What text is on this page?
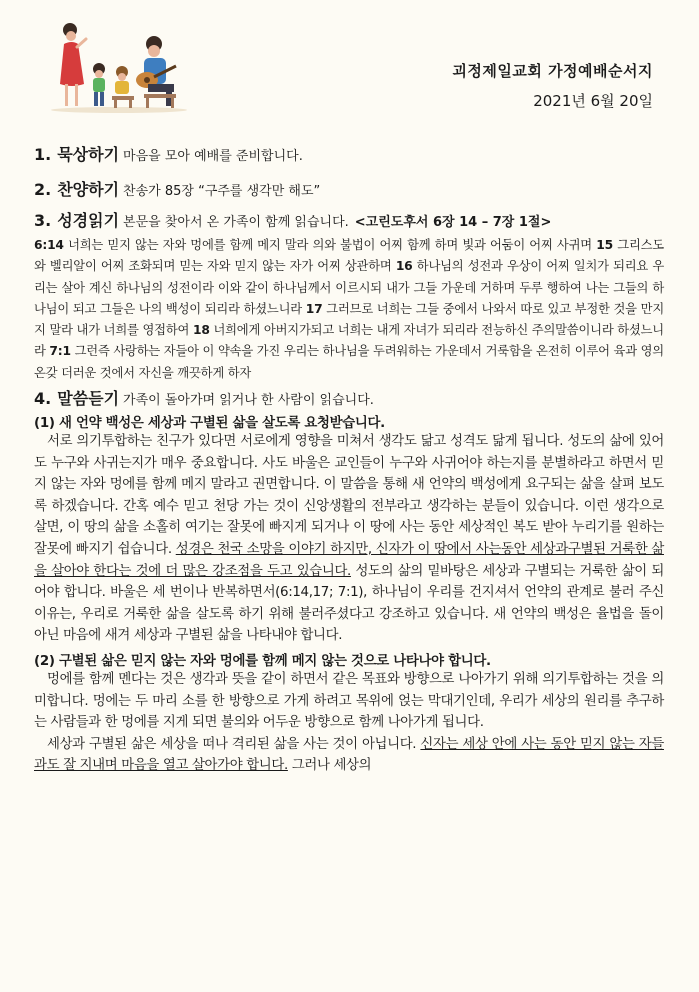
괴정제일교회 가정예배순서지
2021년 6월 20일

1. 묵상하기 마음을 모아 예배를 준비합니다.

2. 찬양하기 찬송가 85장 “구주를 생각만 해도”

3. 성경읽기 본문을 찾아서 온 가족이 함께 읽습니다. <고린도후서 6장 14 – 7장 1절>

6:14 너희는 믿지 않는 자와 멍에를 함께 메지 말라 의와 불법이 어찌 함께 하며 빛과 어둠이 어찌 사귀며 15 그리스도와 벨리알이 어찌 조화되며 믿는 자와 믿지 않는 자가 어찌 상관하며 16 하나님의 성전과 우상이 어찌 일치가 되리요 우리는 살아 계신 하나님의 성전이라 이와 같이 하나님께서 이르시되 내가 그들 가운데 거하며 두루 행하여 나는 그들의 하나님이 되고 그들은 나의 백성이 되리라 하셨느니라 17 그러므로 너희는 그들 중에서 나와서 따로 있고 부정한 것을 만지지 말라 내가 너희를 영접하여 18 너희에게 아버지가되고 너희는 내게 자녀가 되리라 전능하신 주의말씀이니라 하셨느니라 7:1 그런즉 사랑하는 자들아 이 약속을 가진 우리는 하나님을 두려워하는 가운데서 거룩함을 온전히 이루어 육과 영의 온갖 더러운 것에서 자신을 깨끗하게 하자

4. 말씀듣기 가족이 돌아가며 읽거나 한 사람이 읽습니다.

(1) 새 언약 백성은 세상과 구별된 삶을 살도록 요청받습니다.

서로 의기투합하는 친구가 있다면 서로에게 영향을 미쳐서 생각도 닮고 성격도 닮게 됩니다. 성도의 삶에 있어도 누구와 사귀는지가 매우 중요합니다. 사도 바울은 교인들이 누구와 사귀어야 하는지를 분별하라고 하면서 믿지 않는 자와 멍에를 함께 메지 말라고 권면합니다. 이 말씀을 통해 새 언약의 백성에게 요구되는 삶을 살펴 보도록 하겠습니다. 간혹 예수 믿고 천당 가는 것이 신앙생활의 전부라고 생각하는 분들이 있습니다. 이런 생각으로 살면, 이 땅의 삶을 소홀히 여기는 잘못에 빠지게 되거나 이 땅에 사는 동안 세상적인 복도 받아 누리기를 원하는 잘못에 빠지기 쉽습니다. 성경은 천국 소망을 이야기 하지만, 신자가 이 땅에서 사는동안 세상과구별된 거룩한 삶을 살아야 한다는 것에 더 많은 강조점을 두고 있습니다. 성도의 삶의 밑바탕은 세상과 구별되는 거룩한 삶이 되어야 합니다. 바울은 세 번이나 반복하면서(6:14,17; 7:1), 하나님이 우리를 건지셔서 언약의 관계로 불러 주신 이유는, 우리로 거룩한 삶을 살도록 하기 위해 불러주셨다고 강조하고 있습니다. 새 언약의 백성은 율법을 돌이 아닌 마음에 새겨 세상과 구별된 삶을 나타내야 합니다.

(2) 구별된 삶은 믿지 않는 자와 멍에를 함께 메지 않는 것으로 나타나야 합니다.

멍에를 함께 멘다는 것은 생각과 뜻을 같이 하면서 같은 목표와 방향으로 나아가기 위해 의기투합하는 것을 의미합니다. 멍에는 두 마리 소를 한 방향으로 가게 하려고 목위에 얹는 막대기인데, 우리가 세상의 원리를 추구하는 사람들과 한 멍에를 지게 되면 불의와 어두운 방향으로 함께 나아가게 됩니다.

세상과 구별된 삶은 세상을 떠나 격리된 삶을 사는 것이 아닙니다. 신자는 세상 안에 사는 동안 믿지 않는 자들과도 잘 지내며 마음을 열고 살아가야 합니다. 그러나 세상의
